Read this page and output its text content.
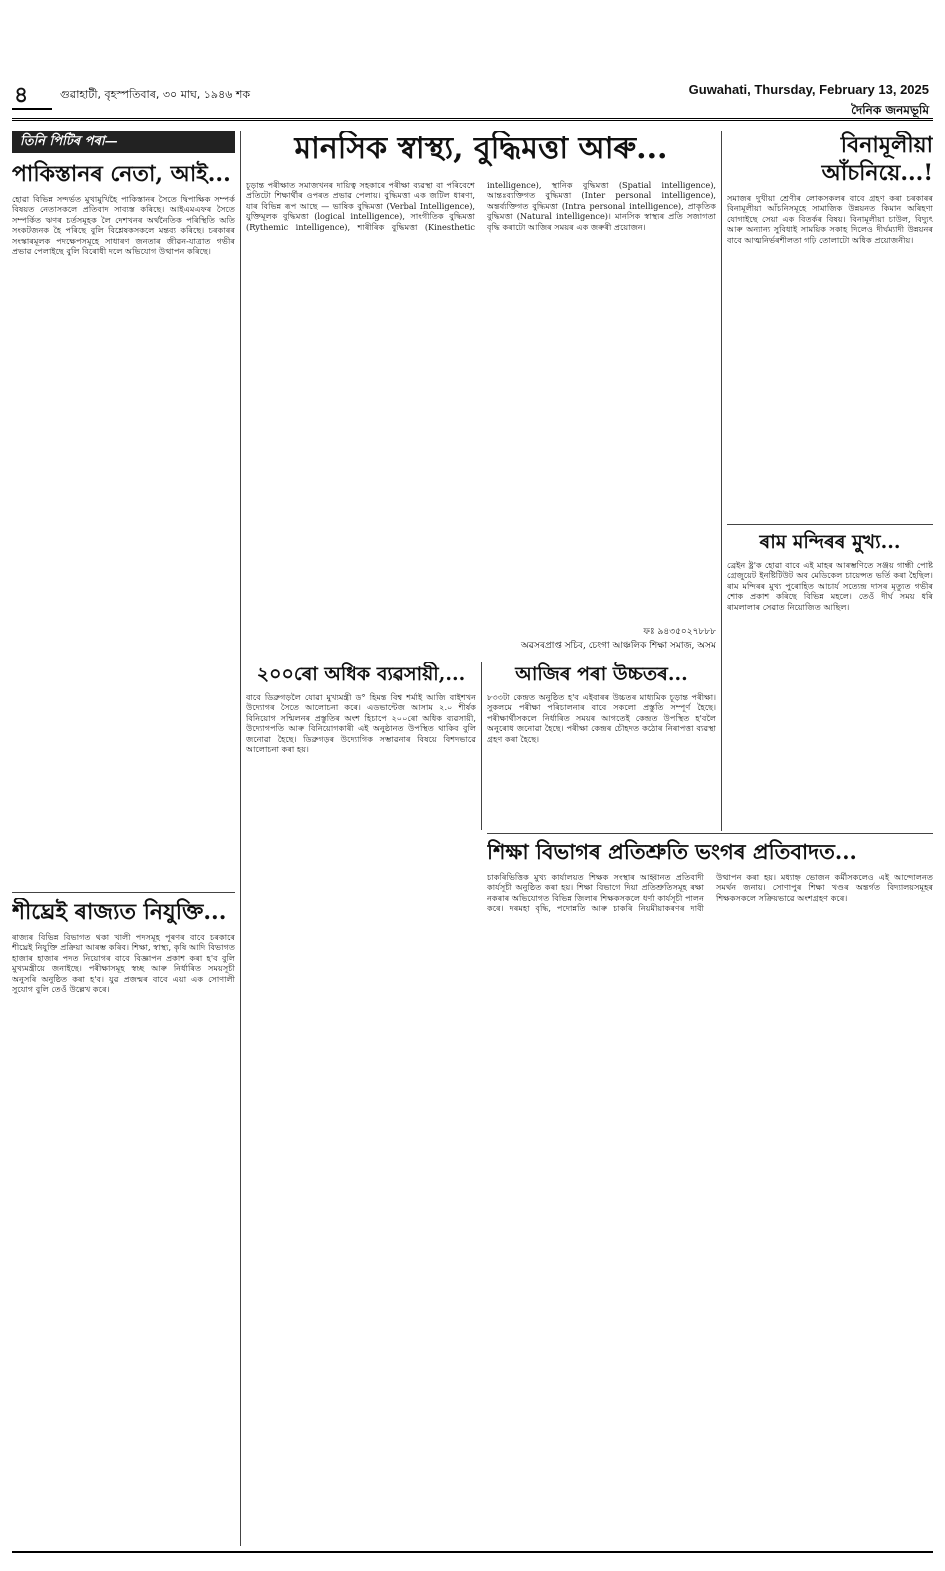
৪	গুৱাহাটী, বৃহস্পতিবাৰ, ৩০ মাঘ, ১৯৪৬ শক	Guwahati, Thursday, February 13, 2025
দৈনিক জনমভূমি
তিনি পিটিৰ পৰা—
পাকিস্তানৰ নেতা, আই...
হোৱা বিভিন্ন সন্দৰ্ভত মুখামুখিহৈ পাকিস্তানৰ সৈতে দ্বিপাক্ষিক সম্পৰ্ক বিষয়ত নেতাসকলে প্ৰতিবাদ সাব্যস্ত কৰিছে। আইএমএফৰ সৈতে সম্পৰ্কিত ঋণৰ চৰ্তসমূহক লৈ দেশখনৰ অৰ্থনৈতিক পৰিস্থিতি অতি সংকটজনক হৈ পৰিছে বুলি বিশ্লেষকসকলে মন্তব্য কৰিছে। চৰকাৰৰ সংস্কাৰমূলক পদক্ষেপসমূহে সাধাৰণ জনতাৰ জীৱন-যাত্ৰাত গভীৰ প্ৰভাৱ পেলাইছে বুলি বিৰোধী দলে অভিযোগ উত্থাপন কৰিছে।
শীঘ্ৰেই ৰাজ্যত নিযুক্তি...
ৰাজ্যৰ বিভিন্ন বিভাগত থকা খালী পদসমূহ পূৰণৰ বাবে চৰকাৰে শীঘ্ৰেই নিযুক্তি প্ৰক্ৰিয়া আৰম্ভ কৰিব। শিক্ষা, স্বাস্থ্য, কৃষি আদি বিভাগত হাজাৰ হাজাৰ পদত নিয়োগৰ বাবে বিজ্ঞাপন প্ৰকাশ কৰা হ'ব বুলি মুখ্যমন্ত্ৰীয়ে জনাইছে। পৰীক্ষাসমূহ স্বচ্ছ আৰু নিৰ্ধাৰিত সময়সূচী অনুসৰি অনুষ্ঠিত কৰা হ'ব। যুৱ প্ৰজন্মৰ বাবে এয়া এক সোণালী সুযোগ বুলি তেওঁ উল্লেখ কৰে।
মানসিক স্বাস্থ্য, বুদ্ধিমত্তা আৰু...
চূড়ান্ত পৰীক্ষাত সমাজখনৰ দায়িত্ব সহকাৰে পৰীক্ষা ব্যৱস্থা বা পৰিবেশে প্ৰতিটো শিক্ষাৰ্থীৰ ওপৰত প্ৰভাৱ পেলায়। বুদ্ধিমত্তা এক জটিল ধাৰণা, যাৰ বিভিন্ন ৰূপ আছে — ভাষিক বুদ্ধিমত্তা (Verbal Intelligence), যুক্তিমূলক বুদ্ধিমত্তা (logical intelligence), সাংগীতিক বুদ্ধিমত্তা (Rythemic intelligence), শাৰীৰিক বুদ্ধিমত্তা (Kinesthetic intelligence), স্থানিক বুদ্ধিমত্তা (Spatial intelligence), আন্তঃব্যক্তিগত বুদ্ধিমত্তা (Inter personal intelligence), অন্তৰ্ব্যক্তিগত বুদ্ধিমত্তা (Intra personal intelligence), প্ৰাকৃতিক বুদ্ধিমত্তা (Natural intelligence)। মানসিক স্বাস্থ্যৰ প্ৰতি সজাগতা বৃদ্ধি কৰাটো আজিৰ সময়ৰ এক জৰুৰী প্ৰয়োজন।
ফঃ ৯৪৩৫০২৭৮৮৮
অৱসৰপ্ৰাপ্ত সচিব, চেংগা আঞ্চলিক শিক্ষা সমাজ, অসম
২০০ৰো অধিক ব্যৱসায়ী,...
বাবে ডিব্ৰুগড়লৈ যোৱা মুখ্যমন্ত্ৰী ড° হিমন্ত বিশ্ব শৰ্মাই আজি বাইশখন উদ্যোগৰ সৈতে আলোচনা কৰে। এডভান্টেজ আসাম ২.০ শীৰ্ষক বিনিয়োগ সন্মিলনৰ প্ৰস্তুতিৰ অংশ হিচাপে ২০০ৰো অধিক ব্যৱসায়ী, উদ্যোগপতি আৰু বিনিয়োগকাৰী এই অনুষ্ঠানত উপস্থিত থাকিব বুলি জনোৱা হৈছে। ডিব্ৰুগড়ৰ উদ্যোগিক সম্ভাৱনাৰ বিষয়ে বিশদভাৱে আলোচনা কৰা হয়।
আজিৰ পৰা উচ্চতৰ...
৮৩৩টা কেন্দ্ৰত অনুষ্ঠিত হ'ব এইবাৰৰ উচ্চতৰ মাধ্যমিক চূড়ান্ত পৰীক্ষা। সুকলমে পৰীক্ষা পৰিচালনাৰ বাবে সকলো প্ৰস্তুতি সম্পূৰ্ণ হৈছে। পৰীক্ষাৰ্থীসকলে নিৰ্ধাৰিত সময়ৰ আগতেই কেন্দ্ৰত উপস্থিত হ'বলৈ অনুৰোধ জনোৱা হৈছে। পৰীক্ষা কেন্দ্ৰৰ চৌহদত কঠোৰ নিৰাপত্তা ব্যৱস্থা গ্ৰহণ কৰা হৈছে।
বিনামূলীয়া আঁচনিয়ে...!
সমাজৰ দুখীয়া শ্ৰেণীৰ লোকসকলৰ বাবে গ্ৰহণ কৰা চৰকাৰৰ বিনামূলীয়া আঁচনিসমূহে সামাজিক উন্নয়নত কিমান অৰিহণা যোগাইছে সেয়া এক বিতৰ্কৰ বিষয়। বিনামূলীয়া চাউল, বিদ্যুৎ আৰু অন্যান্য সুবিধাই সাময়িক সকাহ দিলেও দীৰ্ঘম্যাদী উন্নয়নৰ বাবে আত্মনিৰ্ভৰশীলতা গঢ়ি তোলাটো অধিক প্ৰয়োজনীয়।
ৰাম মন্দিৰৰ মুখ্য...
ব্ৰেইন ষ্ট্ৰ'ক হোৱা বাবে এই মাহৰ আৰম্ভণিতে সঞ্জয় গান্ধী পোষ্ট গ্ৰেজুয়েট ইনষ্টিটিউট অব মেডিকেল চায়েন্সত ভৰ্তি কৰা হৈছিল। ৰাম মন্দিৰৰ মুখ্য পুৰোহিত আচাৰ্য সত্যেন্দ্ৰ দাসৰ মৃত্যুত গভীৰ শোক প্ৰকাশ কৰিছে বিভিন্ন মহলে। তেওঁ দীৰ্ঘ সময় ধৰি ৰামলালাৰ সেৱাত নিয়োজিত আছিল।
শিক্ষা বিভাগৰ প্ৰতিশ্ৰুতি ভংগৰ প্ৰতিবাদত...
চাকৰিভিত্তিক মুখ্য কাৰ্যালয়ত শিক্ষক সংস্থাৰ আহ্বানত প্ৰতিবাদী কাৰ্যসূচী অনুষ্ঠিত কৰা হয়। শিক্ষা বিভাগে দিয়া প্ৰতিশ্ৰুতিসমূহ ৰক্ষা নকৰাৰ অভিযোগত বিভিন্ন জিলাৰ শিক্ষকসকলে ধৰ্ণা কাৰ্যসূচী পালন কৰে। দৰমহা বৃদ্ধি, পদোন্নতি আৰু চাকৰি নিয়মীয়াকৰণৰ দাবী উত্থাপন কৰা হয়। মধ্যাহ্ন ভোজন কৰ্মীসকলেও এই আন্দোলনত সমৰ্থন জনায়। সোণাপুৰ শিক্ষা খণ্ডৰ অন্তৰ্গত বিদ্যালয়সমূহৰ শিক্ষকসকলে সক্ৰিয়ভাৱে অংশগ্ৰহণ কৰে।
